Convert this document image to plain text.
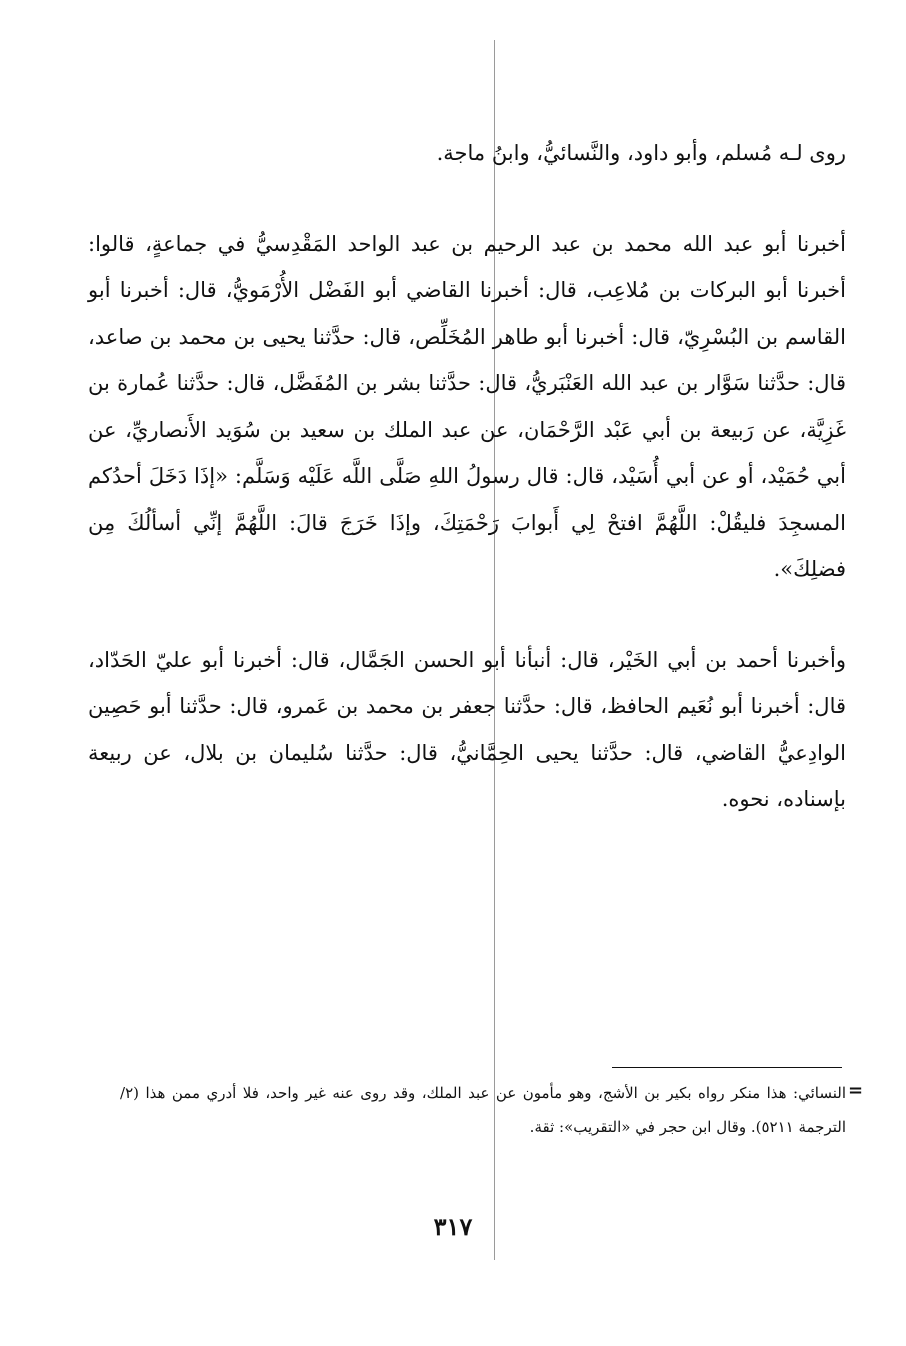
روى لـه مُسلم، وأبو داود، والنَّسائيُّ، وابنُ ماجة.

أخبرنا أبو عبد الله محمد بن عبد الرحيم بن عبد الواحد المَقْدِسيُّ في جماعةٍ، قالوا: أخبرنا أبو البركات بن مُلاعِب، قال: أخبرنا القاضي أبو الفَضْل الأُرْمَويُّ، قال: أخبرنا أبو القاسم بن البُسْرِيّ، قال: أخبرنا أبو طاهر المُخَلِّص، قال: حدَّثنا يحيى بن محمد بن صاعد، قال: حدَّثنا سَوَّار بن عبد الله العَنْبَريُّ، قال: حدَّثنا بشر بن المُفَضَّل، قال: حدَّثنا عُمارة بن غَزِيَّة، عن رَبيعة بن أبي عَبْد الرَّحْمَان، عن عبد الملك بن سعيد بن سُوَيد الأَنصاريِّ، عن أبي حُمَيْد، أو عن أبي أُسَيْد، قال: قال رسولُ اللهِ صَلَّى اللَّه عَلَيْه وَسَلَّم: «إذَا دَخَلَ أحدُكم المسجِدَ فليقُلْ: اللَّهُمَّ افتحْ لِي أَبوابَ رَحْمَتِكَ، وإذَا خَرَجَ قالَ: اللَّهُمَّ إنِّي أسألُكَ مِن فضلِكَ».

وأخبرنا أحمد بن أبي الخَيْر، قال: أنبأنا أبو الحسن الجَمَّال، قال: أخبرنا أبو عليّ الحَدّاد، قال: أخبرنا أبو نُعَيم الحافظ، قال: حدَّثنا جعفر بن محمد بن عَمرو، قال: حدَّثنا أبو حَصِين الوادِعيُّ القاضي، قال: حدَّثنا يحيى الحِمَّانيُّ، قال: حدَّثنا سُليمان بن بلال، عن ربيعة بإسناده، نحوه.

=
النسائي: هذا منكر رواه بكير بن الأشج، وهو مأمون عن عبد الملك، وقد روى عنه غير واحد، فلا أدري ممن هذا (٢/الترجمة ٥٢١١). وقال ابن حجر في «التقريب»: ثقة.
٣١٧
